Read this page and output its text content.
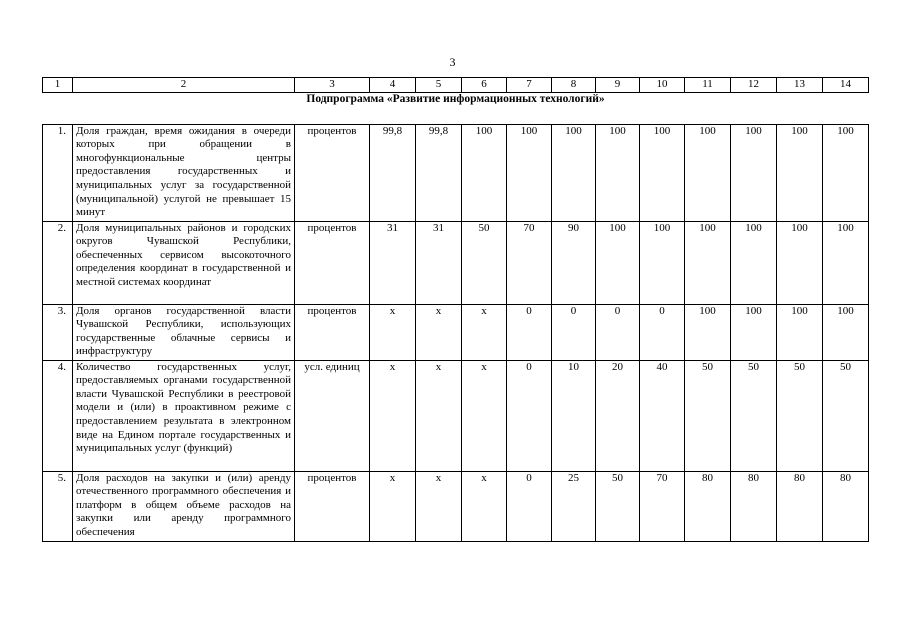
3
1	2	3	4	5	6	7	8	9	10	11	12	13	14
Подпрограмма «Развитие информационных технологий»													
1.	Доля граждан, время ожидания в очереди которых при обращении в многофункциональные центры предоставления государственных и муниципальных услуг за государственной (муниципальной) услугой не превышает 15 минут	процентов	99,8	99,8	100	100	100	100	100	100	100	100	100
2.	Доля муниципальных районов и городских округов Чувашской Республики, обеспеченных сервисом высокоточного определения координат в государственной и местной системах координат	процентов	31	31	50	70	90	100	100	100	100	100	100
3.	Доля органов государственной власти Чувашской Республики, использующих государственные облачные сервисы и инфраструктуру	процентов	x	x	x	0	0	0	0	100	100	100	100
4.	Количество государственных услуг, предоставляемых органами государственной власти Чувашской Республики в реестровой модели и (или) в проактивном режиме с предоставлением результата в электронном виде на Едином портале государственных и муниципальных услуг (функций)	усл. единиц	x	x	x	0	10	20	40	50	50	50	50
5.	Доля расходов на закупки и (или) аренду отечественного программного обеспечения и платформ в общем объеме расходов на закупки или аренду программного обеспечения	процентов	x	x	x	0	25	50	70	80	80	80	80
